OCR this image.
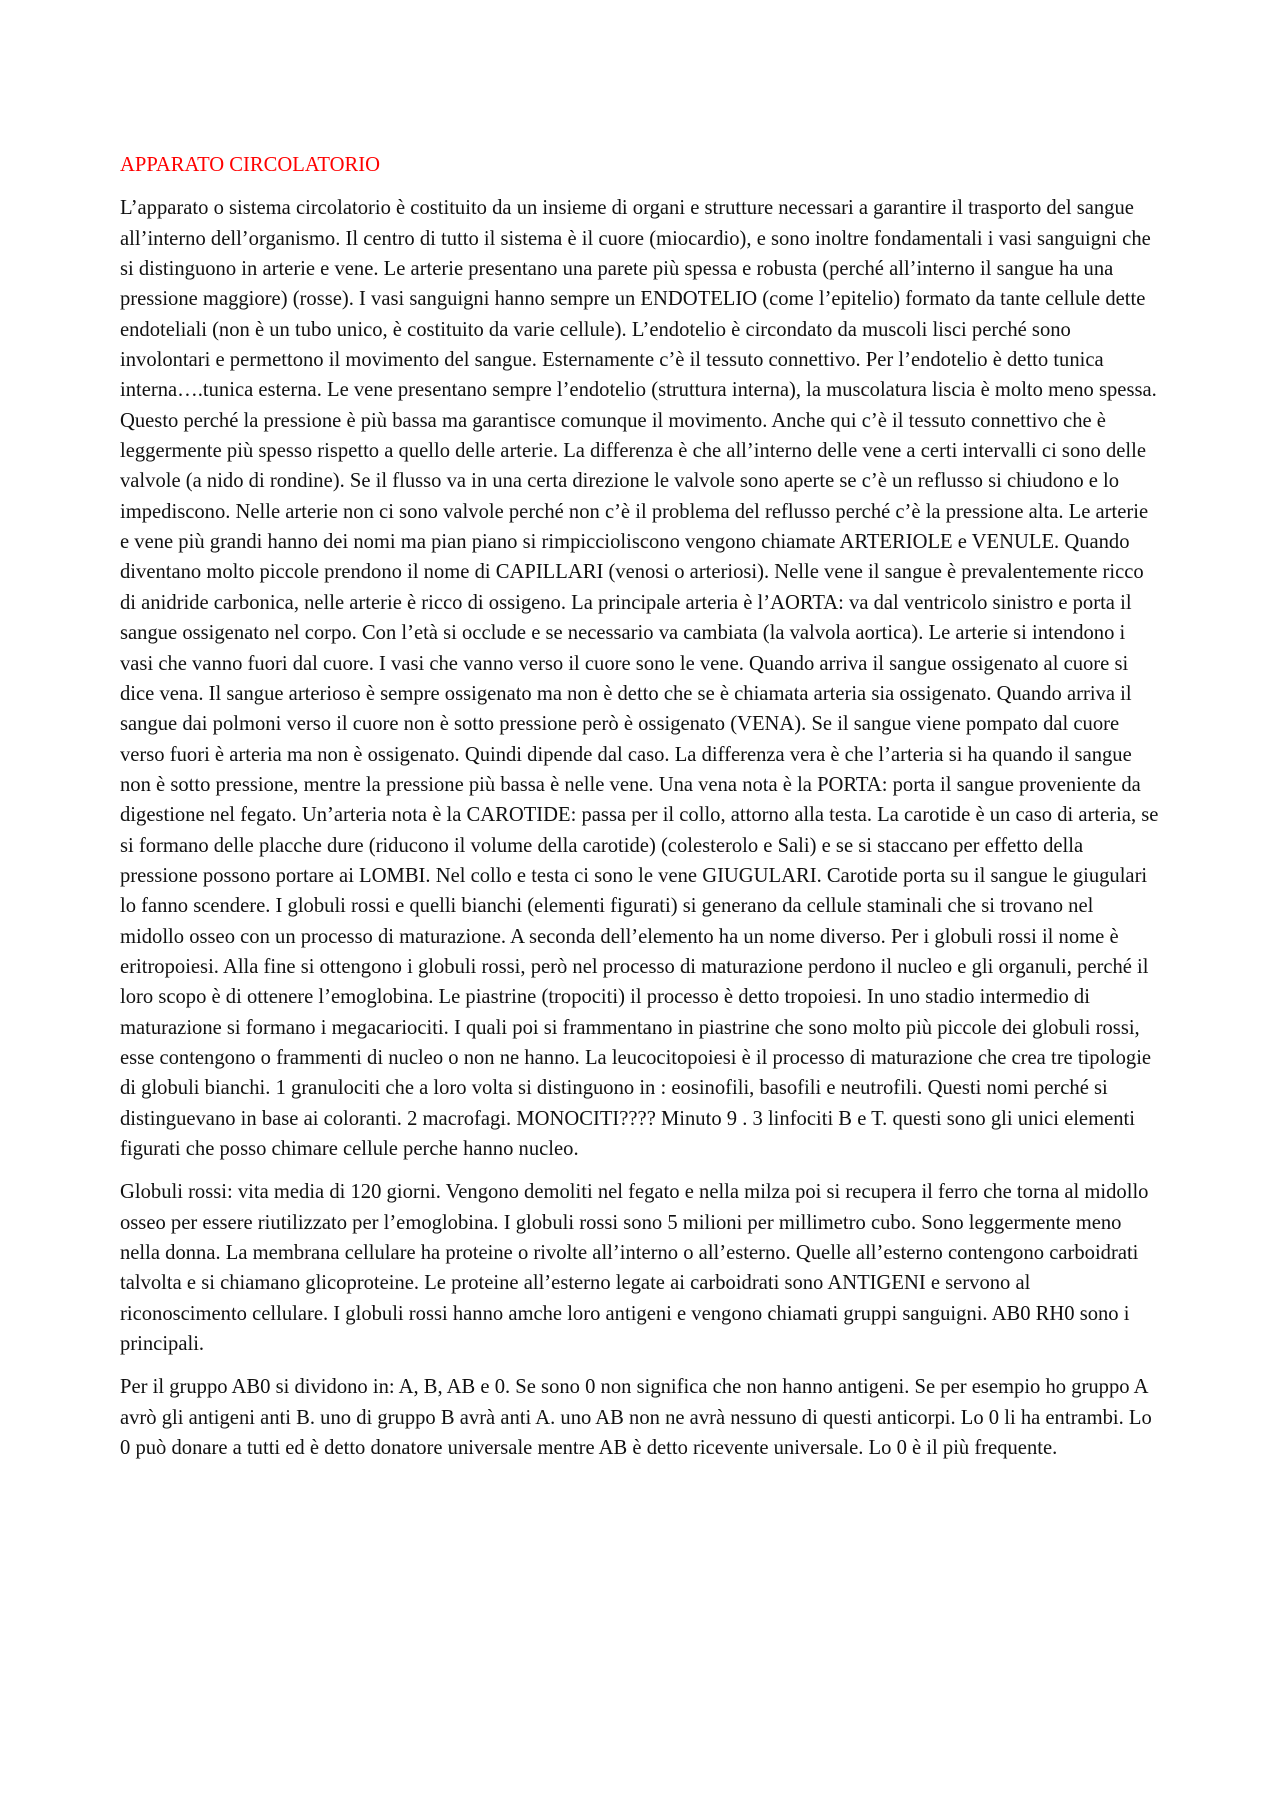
APPARATO CIRCOLATORIO

L’apparato o sistema circolatorio è costituito da un insieme di organi e strutture necessari a garantire il trasporto del sangue all’interno dell’organismo. Il centro di tutto il sistema è il cuore (miocardio), e sono inoltre fondamentali i vasi sanguigni che si distinguono in arterie e vene. Le arterie presentano una parete più spessa e robusta (perché all’interno il sangue ha una pressione maggiore) (rosse). I vasi sanguigni hanno sempre un ENDOTELIO (come l’epitelio) formato da tante cellule dette endoteliali (non è un tubo unico, è costituito da varie cellule). L’endotelio è circondato da muscoli lisci perché sono involontari e permettono il movimento del sangue. Esternamente c’è il tessuto connettivo. Per l’endotelio è detto tunica interna….tunica esterna. Le vene presentano sempre l’endotelio (struttura interna), la muscolatura liscia è molto meno spessa. Questo perché la pressione è più bassa ma garantisce comunque il movimento. Anche qui c’è il tessuto connettivo che è leggermente più spesso rispetto a quello delle arterie. La differenza è che all’interno delle vene a certi intervalli ci sono delle valvole (a nido di rondine). Se il flusso va in una certa direzione le valvole sono aperte se c’è un reflusso si chiudono e lo impediscono. Nelle arterie non ci sono valvole perché non c’è il problema del reflusso perché c’è la pressione alta. Le arterie e vene più grandi hanno dei nomi ma pian piano si rimpiccioliscono vengono chiamate ARTERIOLE e VENULE. Quando diventano molto piccole prendono il nome di CAPILLARI (venosi o arteriosi). Nelle vene il sangue è prevalentemente ricco di anidride carbonica, nelle arterie è ricco di ossigeno. La principale arteria è l’AORTA: va dal ventricolo sinistro e porta il sangue ossigenato nel corpo. Con l’età si occlude e se necessario va cambiata (la valvola aortica). Le arterie si intendono i vasi che vanno fuori dal cuore. I vasi che vanno verso il cuore sono le vene. Quando arriva il sangue ossigenato al cuore si dice vena. Il sangue arterioso è sempre ossigenato ma non è detto che se è chiamata arteria sia ossigenato. Quando arriva il sangue dai polmoni verso il cuore non è sotto pressione però è ossigenato (VENA). Se il sangue viene pompato dal cuore verso fuori è arteria ma non è ossigenato. Quindi dipende dal caso. La differenza vera è che l’arteria si ha quando il sangue non è sotto pressione, mentre la pressione più bassa è nelle vene. Una vena nota è la PORTA: porta il sangue proveniente da digestione nel fegato. Un’arteria nota è la CAROTIDE: passa per il collo, attorno alla testa. La carotide è un caso di arteria, se si formano delle placche dure (riducono il volume della carotide) (colesterolo e Sali) e se si staccano per effetto della pressione possono portare ai LOMBI. Nel collo e testa ci sono le vene GIUGULARI. Carotide porta su il sangue le giugulari lo fanno scendere. I globuli rossi e quelli bianchi (elementi figurati) si generano da cellule staminali che si trovano nel midollo osseo con un processo di maturazione. A seconda dell’elemento ha un nome diverso. Per i globuli rossi il nome è eritropoiesi. Alla fine si ottengono i globuli rossi, però nel processo di maturazione perdono il nucleo e gli organuli, perché il loro scopo è di ottenere l’emoglobina. Le piastrine (tropociti) il processo è detto tropoiesi. In uno stadio intermedio di maturazione si formano i megacariociti. I quali poi si frammentano in piastrine che sono molto più piccole dei globuli rossi, esse contengono o frammenti di nucleo o non ne hanno. La leucocitopoiesi è il processo di maturazione che crea tre tipologie di globuli bianchi. 1 granulociti che a loro volta si distinguono in : eosinofili, basofili e neutrofili. Questi nomi perché si distinguevano in base ai coloranti. 2 macrofagi. MONOCITI???? Minuto 9 . 3 linfociti B e T. questi sono gli unici elementi figurati che posso chimare cellule perche hanno nucleo.

Globuli rossi: vita media di 120 giorni. Vengono demoliti nel fegato e nella milza poi si recupera il ferro che torna al midollo osseo per essere riutilizzato per l’emoglobina. I globuli rossi sono 5 milioni per millimetro cubo. Sono leggermente meno nella donna. La membrana cellulare ha proteine o rivolte all’interno o all’esterno. Quelle all’esterno contengono carboidrati talvolta e si chiamano glicoproteine. Le proteine all’esterno legate ai carboidrati sono ANTIGENI e servono al riconoscimento cellulare. I globuli rossi hanno amche loro antigeni e vengono chiamati gruppi sanguigni. AB0 RH0 sono i principali.

Per il gruppo AB0 si dividono in: A, B, AB e 0. Se sono 0 non significa che non hanno antigeni. Se per esempio ho gruppo A avrò gli antigeni anti B. uno di gruppo B avrà anti A. uno AB non ne avrà nessuno di questi anticorpi. Lo 0 li ha entrambi. Lo 0 può donare a tutti ed è detto donatore universale mentre AB è detto ricevente universale. Lo 0 è il più frequente.
